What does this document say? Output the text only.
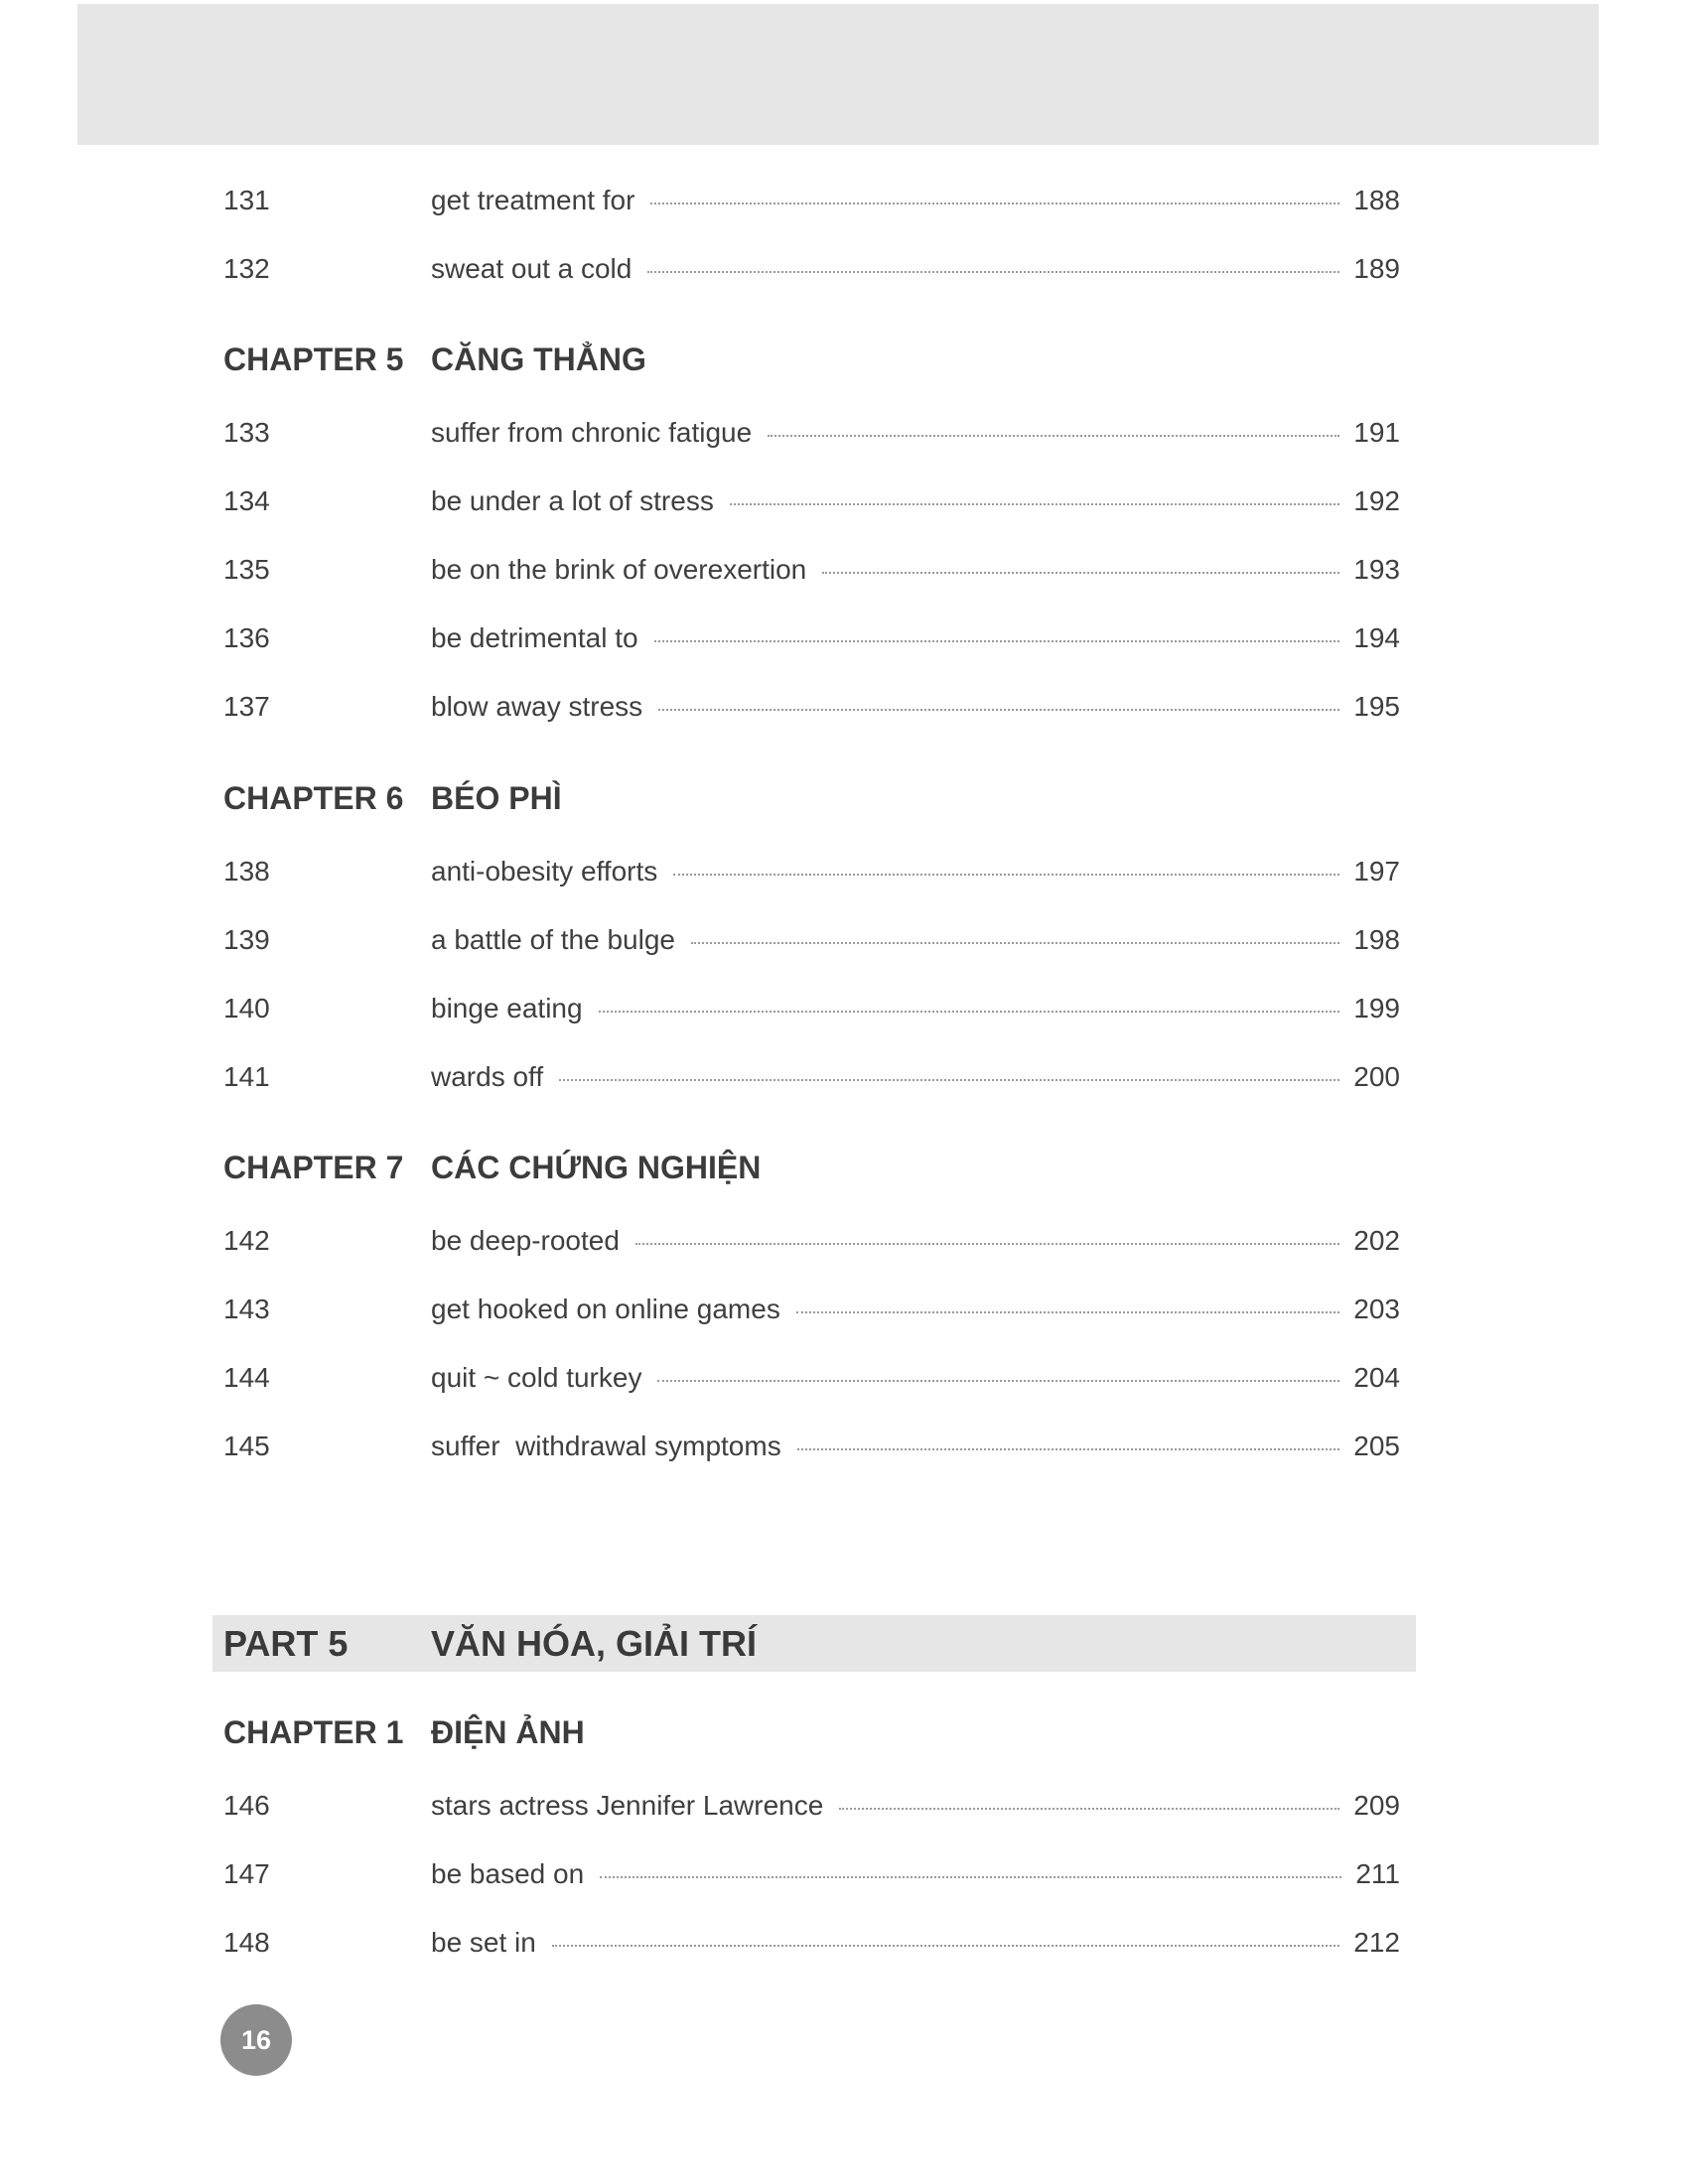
131	get treatment for	188
132	sweat out a cold	189
CHAPTER 5 CĂNG THẲNG
133	suffer from chronic fatigue	191
134	be under a lot of stress	192
135	be on the brink of overexertion	193
136	be detrimental to	194
137	blow away stress	195
CHAPTER 6 BÉO PHÌ
138	anti-obesity efforts	197
139	a battle of the bulge	198
140	binge eating	199
141	wards off	200
CHAPTER 7 CÁC CHỨNG NGHIỆN
142	be deep-rooted	202
143	get hooked on online games	203
144	quit ~ cold turkey	204
145	suffer  withdrawal symptoms	205
PART 5	VĂN HÓA, GIẢI TRÍ
CHAPTER 1 ĐIỆN ẢNH
146	stars actress Jennifer Lawrence	209
147	be based on	211
148	be set in	212
16
